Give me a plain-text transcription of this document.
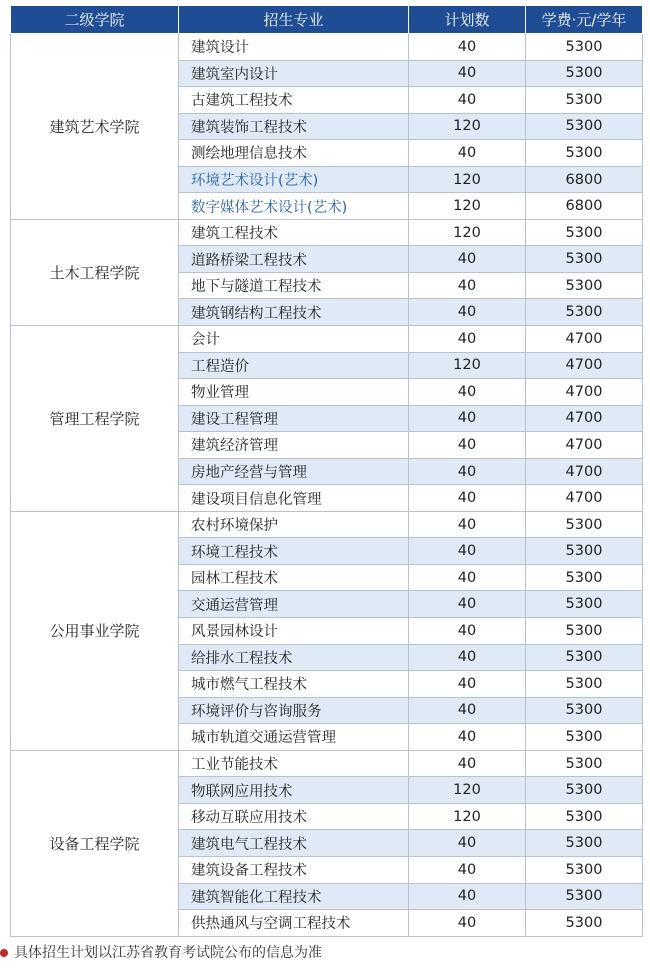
二级学院	招生专业	计划数	学费·元/学年
建筑艺术学院	建筑设计	40	5300
	建筑室内设计	40	5300
	古建筑工程技术	40	5300
	建筑装饰工程技术	120	5300
	测绘地理信息技术	40	5300
	环境艺术设计(艺术)	120	6800
	数字媒体艺术设计(艺术)	120	6800
土木工程学院	建筑工程技术	120	5300
	道路桥梁工程技术	40	5300
	地下与隧道工程技术	40	5300
	建筑钢结构工程技术	40	5300
管理工程学院	会计	40	4700
	工程造价	120	4700
	物业管理	40	4700
	建设工程管理	40	4700
	建筑经济管理	40	4700
	房地产经营与管理	40	4700
	建设项目信息化管理	40	4700
公用事业学院	农村环境保护	40	5300
	环境工程技术	40	5300
	园林工程技术	40	5300
	交通运营管理	40	5300
	风景园林设计	40	5300
	给排水工程技术	40	5300
	城市燃气工程技术	40	5300
	环境评价与咨询服务	40	5300
	城市轨道交通运营管理	40	5300
设备工程学院	工业节能技术	40	5300
	物联网应用技术	120	5300
	移动互联应用技术	120	5300
	建筑电气工程技术	40	5300
	建筑设备工程技术	40	5300
	建筑智能化工程技术	40	5300
	供热通风与空调工程技术	40	5300
具体招生计划以江苏省教育考试院公布的信息为准
